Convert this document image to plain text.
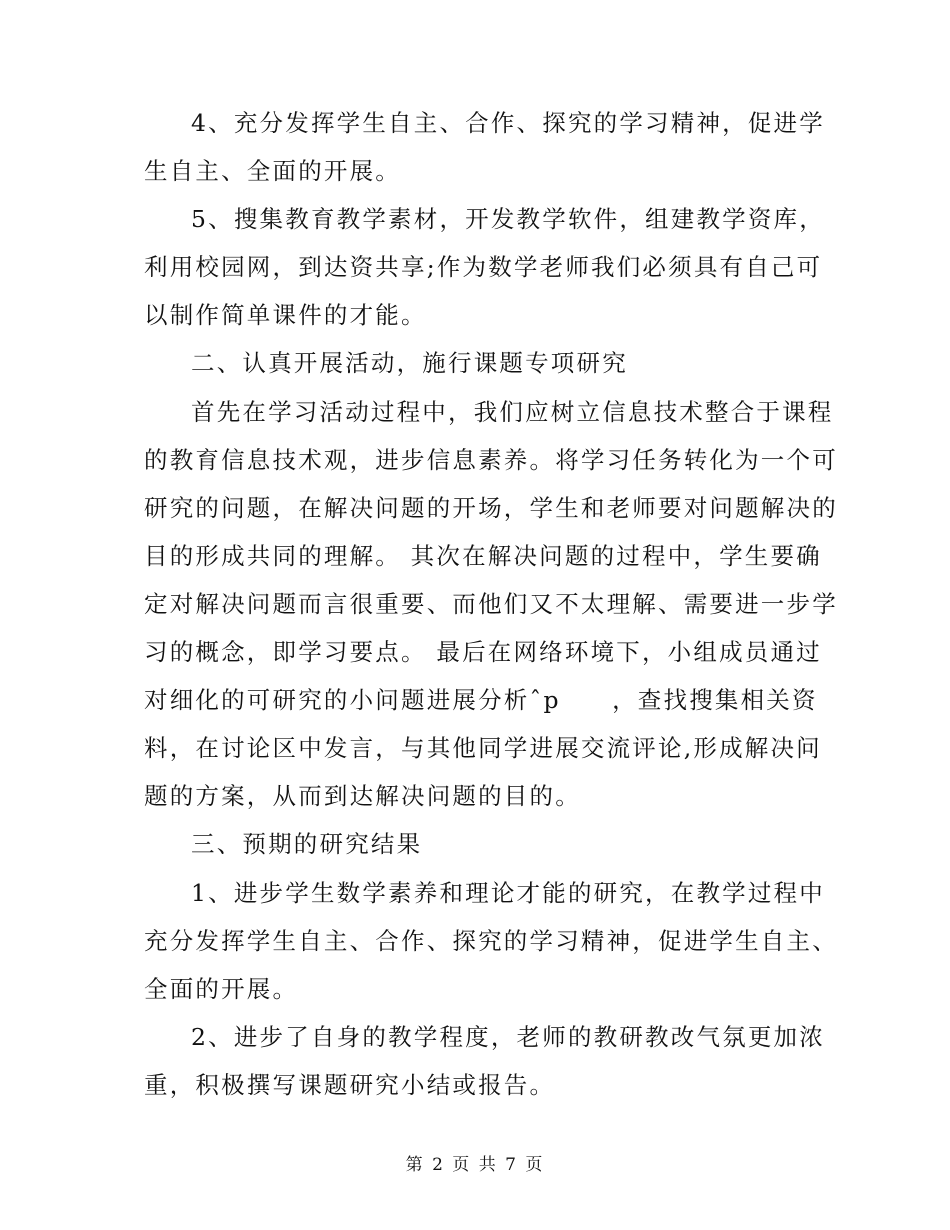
4、充分发挥学生自主、合作、探究的学习精神，促进学
生自主、全面的开展。
5、搜集教育教学素材，开发教学软件，组建教学资库，
利用校园网，到达资共享;作为数学老师我们必须具有自己可
以制作简单课件的才能。
二、认真开展活动，施行课题专项研究
首先在学习活动过程中，我们应树立信息技术整合于课程
的教育信息技术观，进步信息素养。将学习任务转化为一个可
研究的问题，在解决问题的开场，学生和老师要对问题解决的
目的形成共同的理解。 其次在解决问题的过程中，学生要确
定对解决问题而言很重要、而他们又不太理解、需要进一步学
习的概念，即学习要点。 最后在网络环境下，小组成员通过
对细化的可研究的小问题进展分析ˆp　　，查找搜集相关资
料，在讨论区中发言，与其他同学进展交流评论,形成解决问
题的方案，从而到达解决问题的目的。
三、预期的研究结果
1、进步学生数学素养和理论才能的研究，在教学过程中
充分发挥学生自主、合作、探究的学习精神，促进学生自主、
全面的开展。
2、进步了自身的教学程度，老师的教研教改气氛更加浓
重，积极撰写课题研究小结或报告。
第 2 页 共 7 页
